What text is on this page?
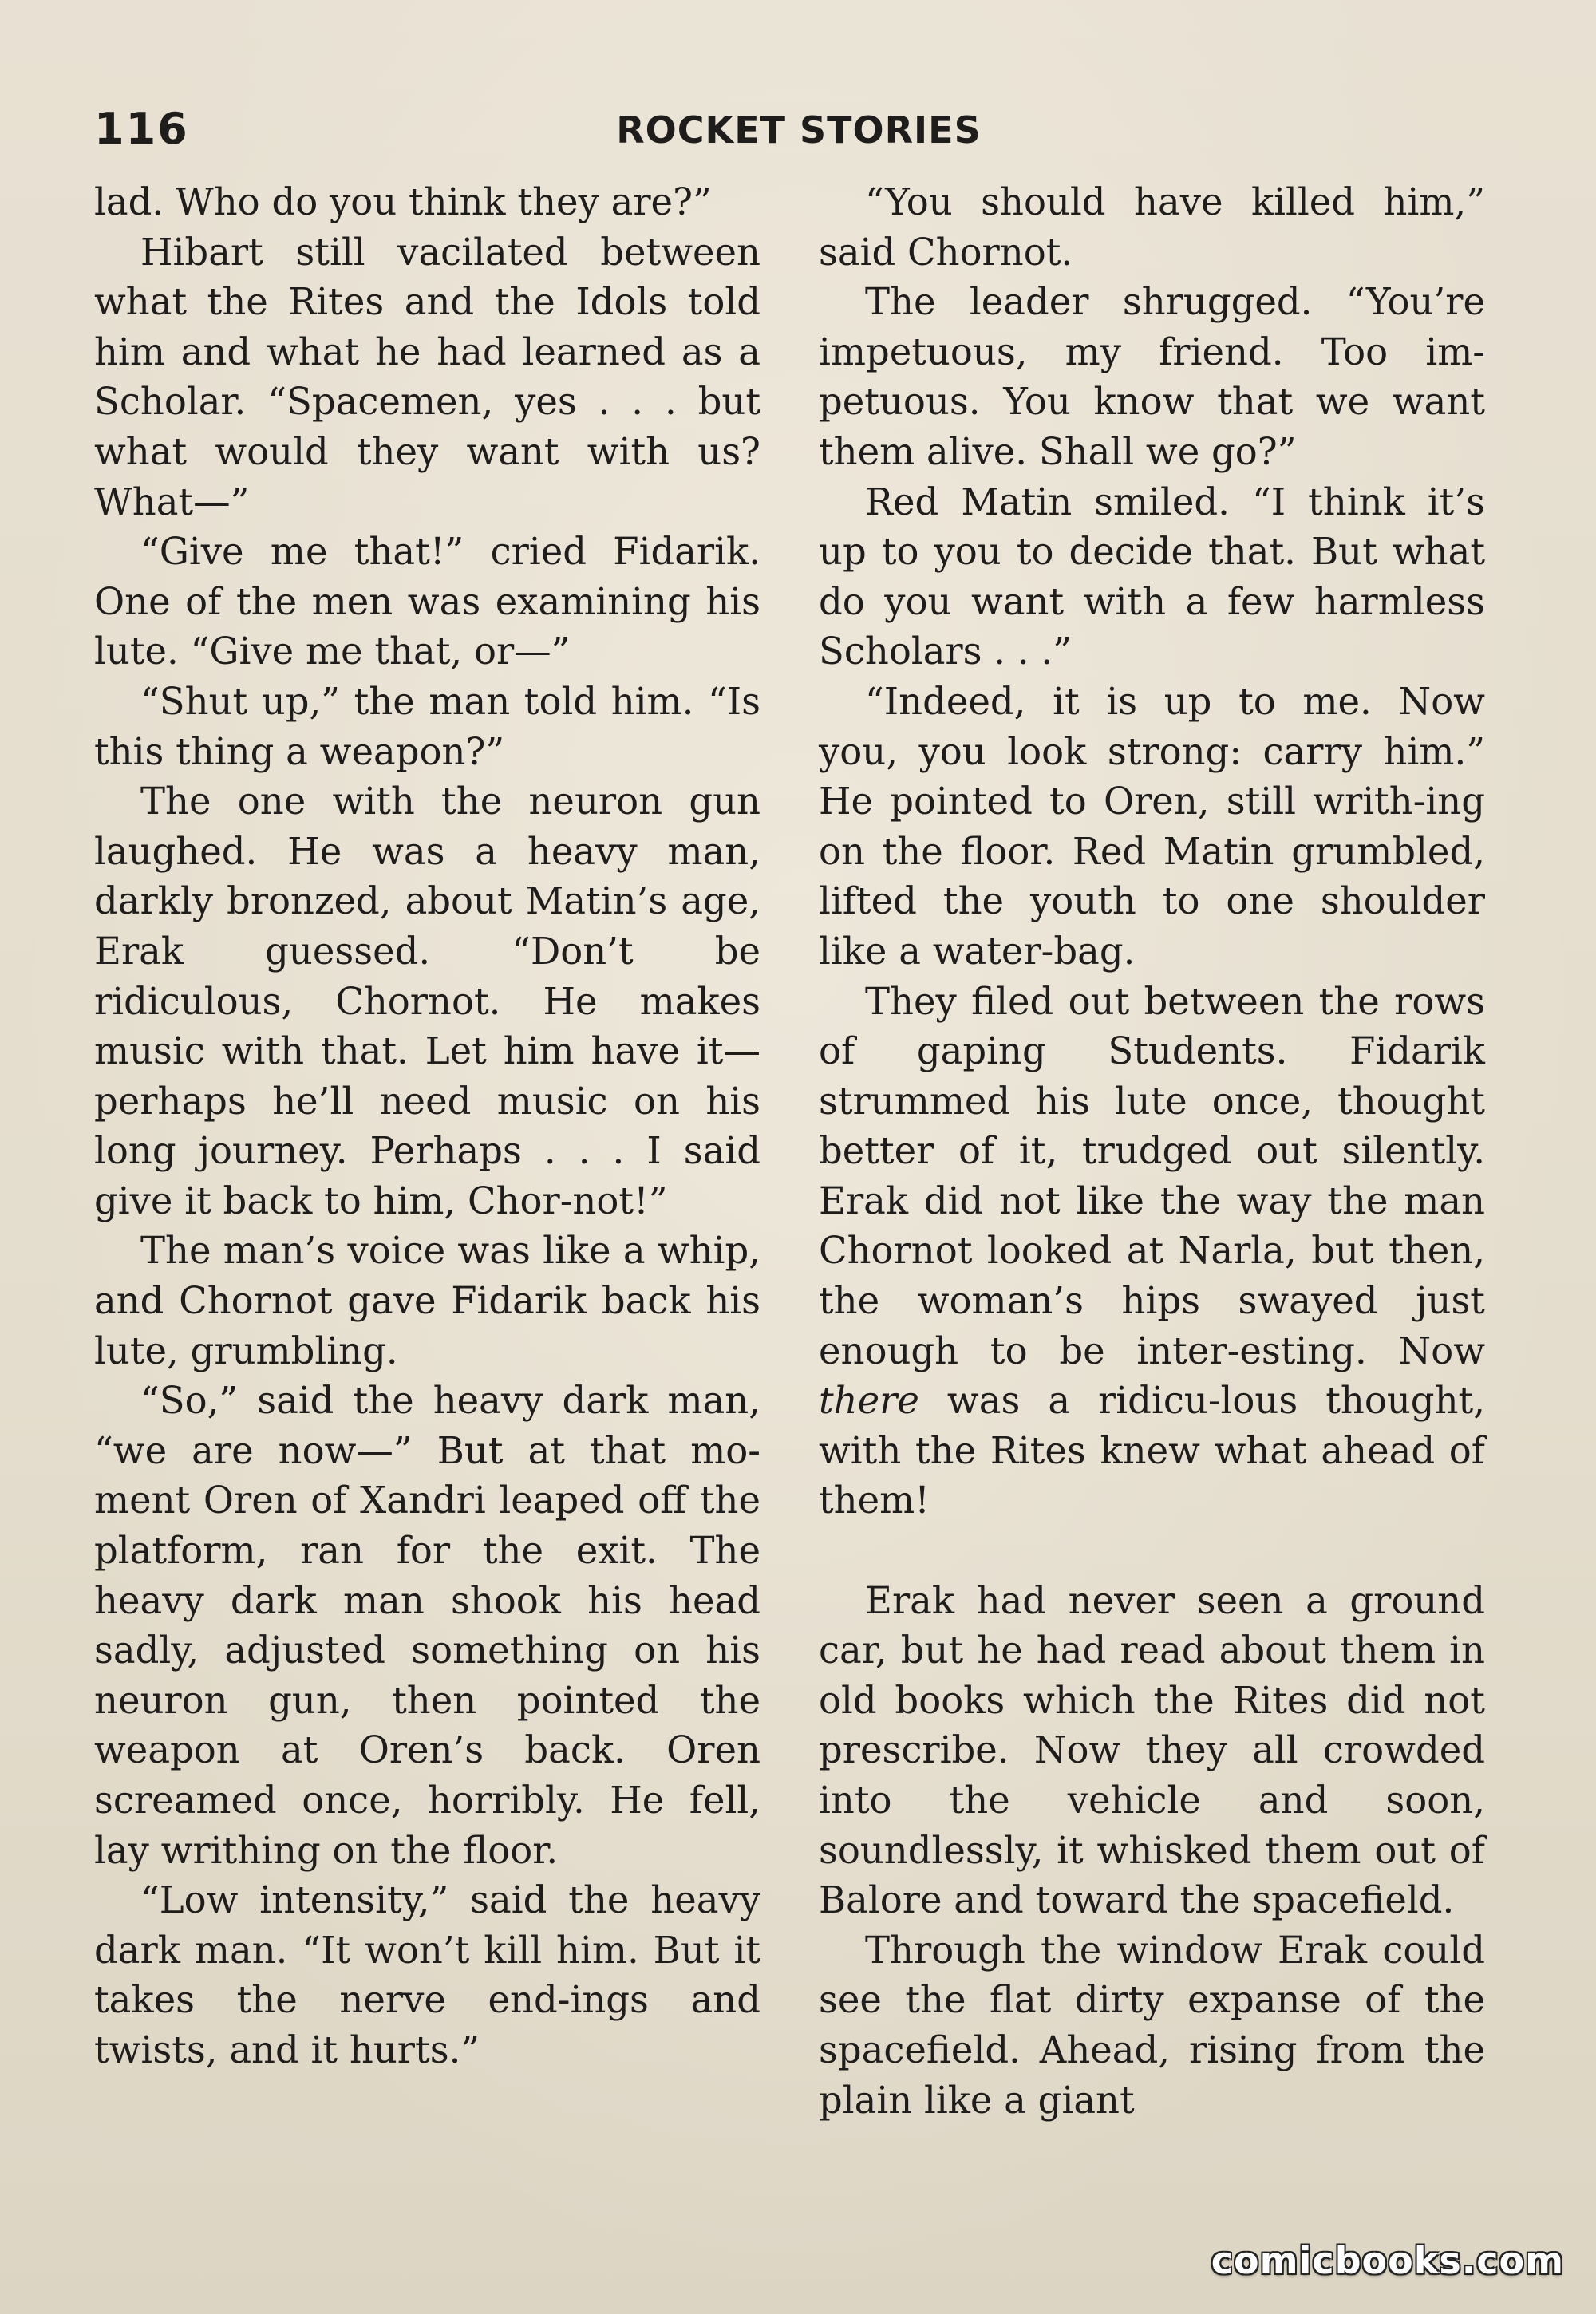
116	ROCKET STORIES

lad. Who do you think they are?”

Hibart still vacilated between what the Rites and the Idols told him and what he had learned as a Scholar. “Spacemen, yes . . . but what would they want with us? What—”

“Give me that!” cried Fidarik. One of the men was examining his lute. “Give me that, or—”

“Shut up,” the man told him. “Is this thing a weapon?”

The one with the neuron gun laughed. He was a heavy man, darkly bronzed, about Matin’s age, Erak guessed. “Don’t be ridiculous, Chornot. He makes music with that. Let him have it—perhaps he’ll need music on his long journey. Perhaps . . . I said give it back to him, Chor-not!”

The man’s voice was like a whip, and Chornot gave Fidarik back his lute, grumbling.

“So,” said the heavy dark man, “we are now—” But at that mo-ment Oren of Xandri leaped off the platform, ran for the exit. The heavy dark man shook his head sadly, adjusted something on his neuron gun, then pointed the weapon at Oren’s back. Oren screamed once, horribly. He fell, lay writhing on the floor.

“Low intensity,” said the heavy dark man. “It won’t kill him. But it takes the nerve end-ings and twists, and it hurts.”

“You should have killed him,” said Chornot.

The leader shrugged. “You’re impetuous, my friend. Too im-petuous. You know that we want them alive. Shall we go?”

Red Matin smiled. “I think it’s up to you to decide that. But what do you want with a few harmless Scholars . . .”

“Indeed, it is up to me. Now you, you look strong: carry him.” He pointed to Oren, still writh-ing on the floor. Red Matin grumbled, lifted the youth to one shoulder like a water-bag.

They filed out between the rows of gaping Students. Fidarik strummed his lute once, thought better of it, trudged out silently. Erak did not like the way the man Chornot looked at Narla, but then, the woman’s hips swayed just enough to be inter-esting. Now there was a ridicu-lous thought, with the Rites knew what ahead of them!

Erak had never seen a ground car, but he had read about them in old books which the Rites did not prescribe. Now they all crowded into the vehicle and soon, soundlessly, it whisked them out of Balore and toward the spacefield.

Through the window Erak could see the flat dirty expanse of the spacefield. Ahead, rising from the plain like a giant

comicbooks.com
